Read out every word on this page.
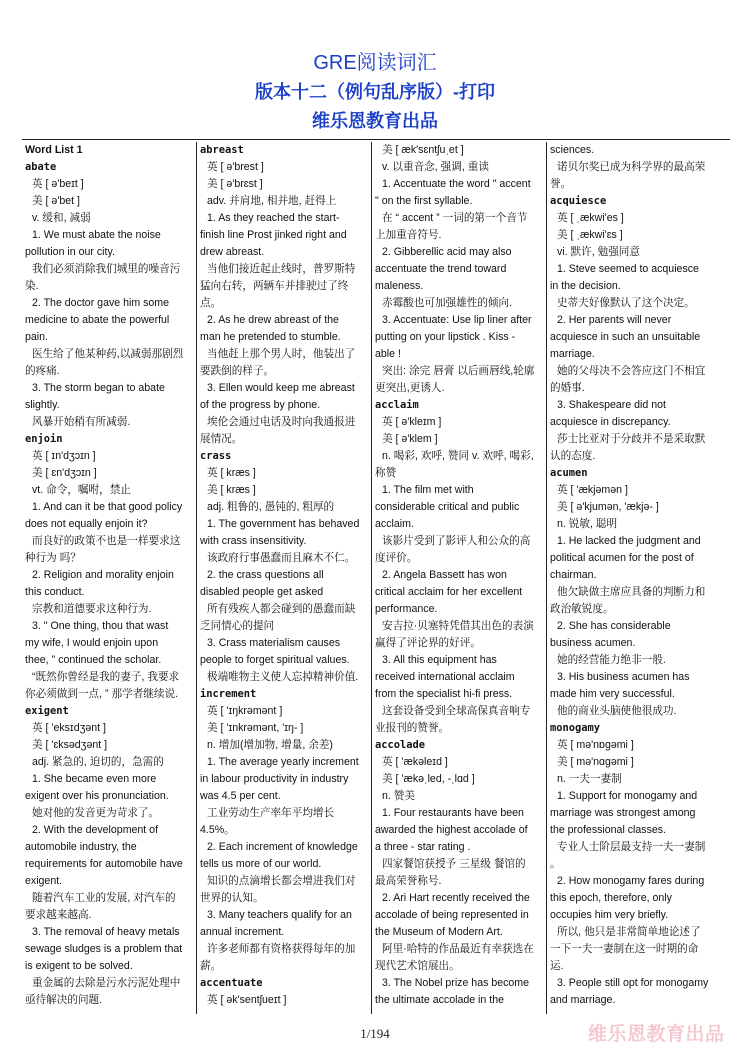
GRE阅读词汇
版本十二（例句乱序版）-打印
维乐恩教育出品
Word List 1
abate
英 [ ə'beɪt ]
美 [ ə'bet ]
v. 缓和, 减弱
1. We must abate the noise
pollution in our city.
我们必须消除我们城里的噪音污
染.
2. The doctor gave him some
medicine to abate the powerful
pain.
医生给了他某种药,以减弱那剧烈
的疼痛.
3. The storm began to abate
slightly.
风暴开始稍有所减弱.
enjoin
英 [ ɪn'dʒɔɪn ]
美 [ ɛn'dʒɔɪn ]
vt. 命令，嘱咐，禁止
1. And can it be that good policy
does not equally enjoin it?
而良好的政策不也是一样要求这
种行为 吗？
2. Religion and morality enjoin
this conduct.
宗教和道德要求这种行为.
3. " One thing, thou that wast
my wife, I would enjoin upon
thee, " continued the scholar.
“既然你曾经是我的妻子, 我要求
你必须做到一点, ” 那学者继续说.
exigent
英 [ 'eksɪdʒənt ]
美 [ 'ɛksədʒənt ]
adj. 紧急的, 迫切的，急需的
1. She became even more
exigent over his pronunciation.
她对他的发音更为苛求了。
2. With the development of
automobile industry, the
requirements for automobile have
exigent.
随着汽车工业的发展, 对汽车的
要求越来越高.
3. The removal of heavy metals
sewage sludges is a problem that
is exigent to be solved.
重金属的去除是污水污泥处理中
亟待解决的问题.
abreast
英 [ ə'brest ]
美 [ ə'brɛst ]
adv. 并肩地, 相并地, 赶得上
1. As they reached the start-
finish line Prost jinked right and
drew abreast.
当他们接近起止线时，普罗斯特
猛向右转，两辆车并排驶过了终
点。
2. As he drew abreast of the
man he pretended to stumble.
当他赶上那个男人时，他装出了
要跌倒的样子。
3. Ellen would keep me abreast
of the progress by phone.
埃伦会通过电话及时向我通报进
展情况。
crass
英 [ kræs ]
美 [ kræs ]
adj. 粗鲁的, 愚钝的, 粗厚的
1. The government has behaved
with crass insensitivity.
该政府行事愚蠢而且麻木不仁。
2. the crass questions all
disabled people get asked
所有残疾人都会碰到的愚蠢而缺
乏同情心的提问
3. Crass materialism causes
people to forget spiritual values.
极端唯物主义使人忘掉精神价值.
increment
英 [ 'ɪŋkrəmənt ]
美 [ 'ɪnkrəmənt, 'ɪŋ- ]
n. 增加(增加物, 增量, 余差)
1. The average yearly increment
in labour productivity in industry
was 4.5 per cent.
工业劳动生产率年平均增长
4.5%。
2. Each increment of knowledge
tells us more of our world.
知识的点滴增长都会增进我们对
世界的认知。
3. Many teachers qualify for an
annual increment.
许多老师都有资格获得每年的加
薪。
accentuate
英 [ ək'sentʃueɪt ]
美 [ æk'sɛntʃuˌet ]
v. 以重音念, 强调, 重读
1. Accentuate the word " accent
" on the first syllable.
在 “ accent ” 一词的第一个音节
上加重音符号.
2. Gibberellic acid may also
accentuate the trend toward
maleness.
赤霉酸也可加强雄性的倾向.
3. Accentuate: Use lip liner after
putting on your lipstick . Kiss -
able !
突出: 涂完 唇膏 以后画唇线,轮廓
更突出,更诱人.
acclaim
英 [ ə'kleɪm ]
美 [ ə'klem ]
n. 喝彩, 欢呼, 赞同 v. 欢呼, 喝彩,
称赞
1. The film met with
considerable critical and public
acclaim.
该影片受到了影评人和公众的高
度评价。
2. Angela Bassett has won
critical acclaim for her excellent
performance.
安吉拉·贝塞特凭借其出色的表演
赢得了评论界的好评。
3. All this equipment has
received international acclaim
from the specialist hi-fi press.
这套设备受到全球高保真音响专
业报刊的赞誉。
accolade
英 [ 'ækəleɪd ]
美 [ 'ækəˌled, -ˌlɑd ]
n. 赞美
1. Four restaurants have been
awarded the highest accolade of
a three - star rating .
四家餐馆获授予 三星级 餐馆的
最高荣誉称号.
2. Ari Hart recently received the
accolade of being represented in
the Museum of Modern Art.
阿里·哈特的作品最近有幸获选在
现代艺术馆展出。
3. The Nobel prize has become
the ultimate accolade in the
sciences.
诺贝尔奖已成为科学界的最高荣
誉。
acquiesce
英 [ ˌækwi'es ]
美 [ ˌækwi'ɛs ]
vi. 默许, 勉强同意
1. Steve seemed to acquiesce
in the decision.
史蒂夫好像默认了这个决定。
2. Her parents will never
acquiesce in such an unsuitable
marriage.
她的父母决不会答应这门不相宜
的婚事.
3. Shakespeare did not
acquiesce in discrepancy.
莎士比亚对于分歧并不是采取默
认的态度.
acumen
英 [ 'ækjəmən ]
美 [ ə'kjumən, 'ækjə- ]
n. 锐敏, 聪明
1. He lacked the judgment and
political acumen for the post of
chairman.
他欠缺做主席应具备的判断力和
政治敏锐度。
2. She has considerable
business acumen.
她的经营能力绝非一般.
3. His business acumen has
made him very successful.
他的商业头脑使他很成功.
monogamy
英 [ mə'nɒgəmi ]
美 [ mə'nɑgəmi ]
n. 一夫一妻制
1. Support for monogamy and
marriage was strongest among
the professional classes.
专业人士阶层最支持一夫一妻制
。
2. How monogamy fares during
this epoch, therefore, only
occupies him very briefly.
所以, 他只是非常简单地论述了
一下一夫一妻制在这一时期的命
运.
3. People still opt for monogamy
and marriage.
1/194	维乐恩教育出品
